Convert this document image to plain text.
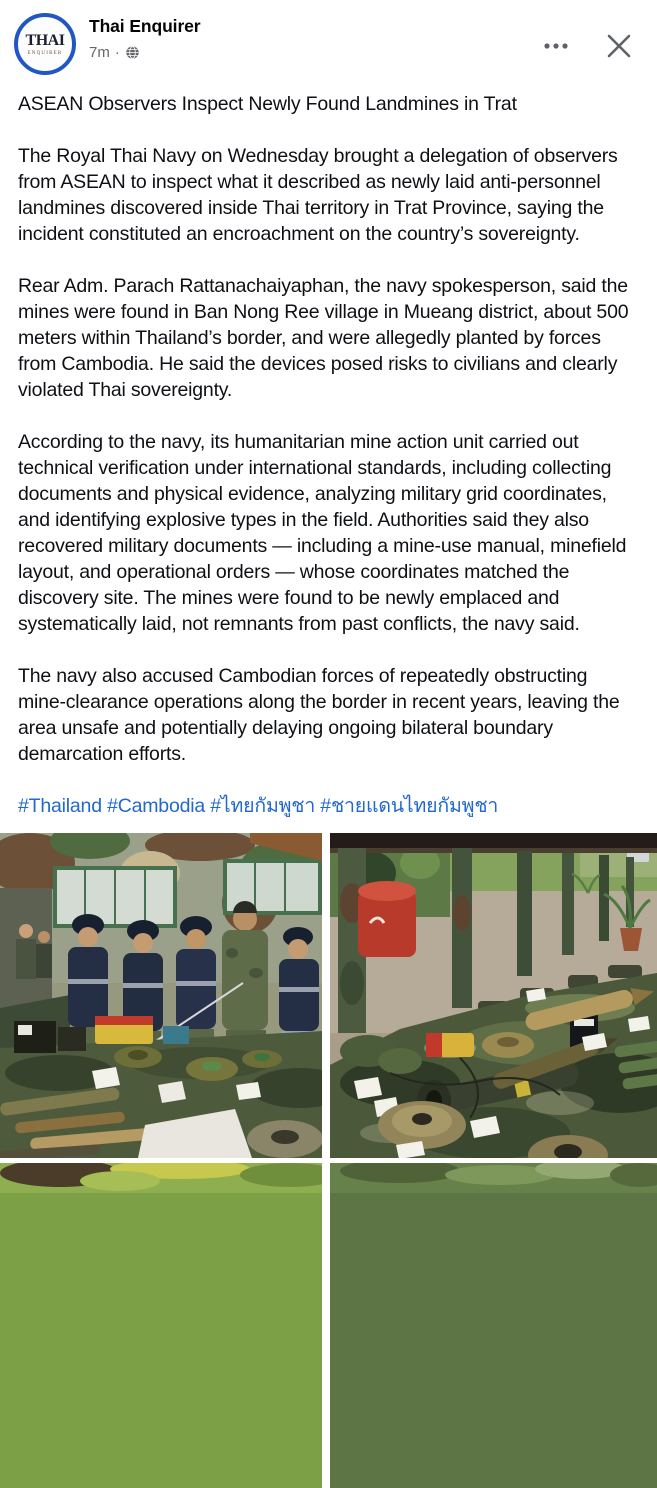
THAI
ENQUIRER
Thai Enquirer
7m ·
ASEAN Observers Inspect Newly Found Landmines in Trat
The Royal Thai Navy on Wednesday brought a delegation of observers from ASEAN to inspect what it described as newly laid anti-personnel landmines discovered inside Thai territory in Trat Province, saying the incident constituted an encroachment on the country’s sovereignty.
Rear Adm. Parach Rattanachaiyaphan, the navy spokesperson, said the mines were found in Ban Nong Ree village in Mueang district, about 500 meters within Thailand’s border, and were allegedly planted by forces from Cambodia. He said the devices posed risks to civilians and clearly violated Thai sovereignty.
According to the navy, its humanitarian mine action unit carried out technical verification under international standards, including collecting documents and physical evidence, analyzing military grid coordinates, and identifying explosive types in the field. Authorities said they also recovered military documents — including a mine-use manual, minefield layout, and operational orders — whose coordinates matched the discovery site. The mines were found to be newly emplaced and systematically laid, not remnants from past conflicts, the navy said.
The navy also accused Cambodian forces of repeatedly obstructing mine-clearance operations along the border in recent years, leaving the area unsafe and potentially delaying ongoing bilateral boundary demarcation efforts.
#Thailand #Cambodia #ไทยกัมพูชา #ชายแดนไทยกัมพูชา
